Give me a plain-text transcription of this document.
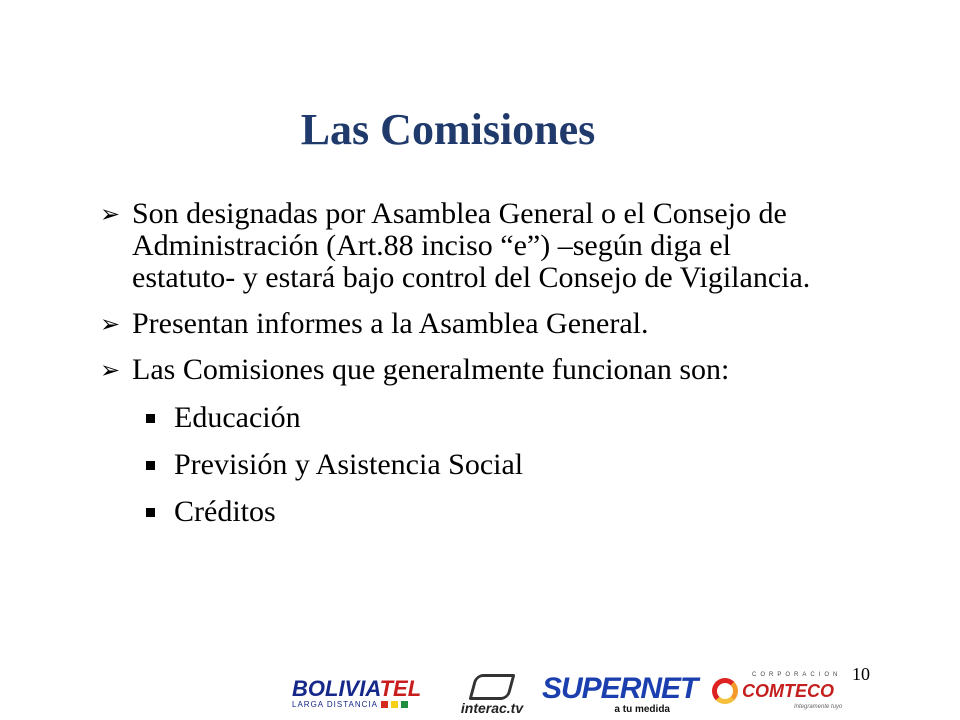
Las Comisiones
➢ Son designadas por Asamblea General o el Consejo de Administración (Art.88 inciso “e”) –según diga el estatuto- y estará bajo control del Consejo de Vigilancia.
➢ Presentan informes a la Asamblea General.
➢ Las Comisiones que generalmente funcionan son:
Educación
Previsión y Asistencia Social
Créditos
10
BOLIVIATEL
LARGA DISTANCIA	interac.tv
SUPERNET
a tu medida
CORPORACION
COMTECO
Integramente tuyo
